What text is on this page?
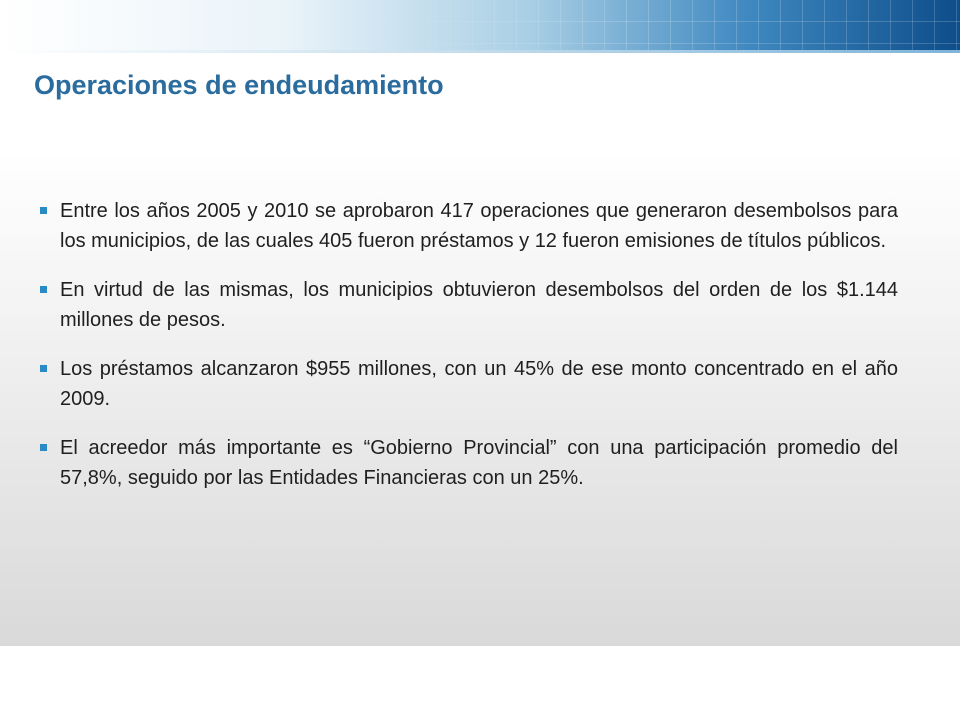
Operaciones de endeudamiento
Entre los años 2005 y 2010 se aprobaron 417 operaciones que generaron desembolsos para los municipios, de las cuales 405 fueron préstamos y 12 fueron emisiones de títulos públicos.
En virtud de las mismas, los municipios obtuvieron desembolsos del orden de los $1.144 millones de pesos.
Los préstamos alcanzaron $955 millones, con un 45% de ese monto concentrado en el año 2009.
El acreedor más importante es “Gobierno Provincial” con una participación promedio del 57,8%, seguido por las Entidades Financieras con un 25%.
